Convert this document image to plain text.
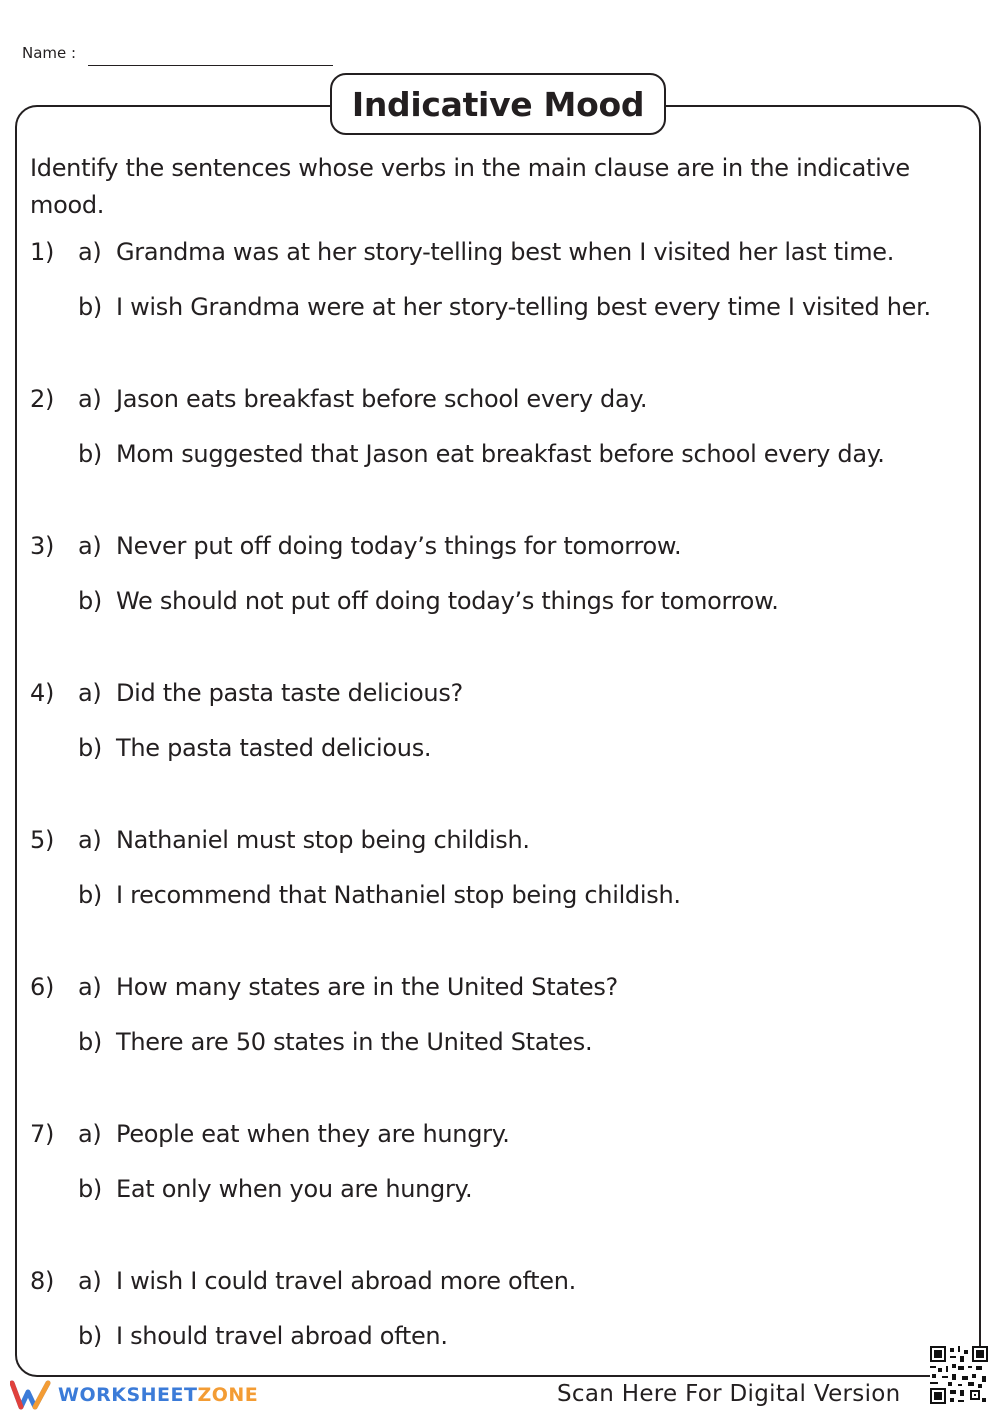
Name :
Indicative Mood
Identify the sentences whose verbs in the main clause are in the indicative mood.
1) a) Grandma was at her story-telling best when I visited her last time.
b) I wish Grandma were at her story-telling best every time I visited her.
2) a) Jason eats breakfast before school every day.
b) Mom suggested that Jason eat breakfast before school every day.
3) a) Never put off doing today’s things for tomorrow.
b) We should not put off doing today’s things for tomorrow.
4) a) Did the pasta taste delicious?
b) The pasta tasted delicious.
5) a) Nathaniel must stop being childish.
b) I recommend that Nathaniel stop being childish.
6) a) How many states are in the United States?
b) There are 50 states in the United States.
7) a) People eat when they are hungry.
b) Eat only when you are hungry.
8) a) I wish I could travel abroad more often.
b) I should travel abroad often.
WORKSHEETZONE	Scan Here For Digital Version
